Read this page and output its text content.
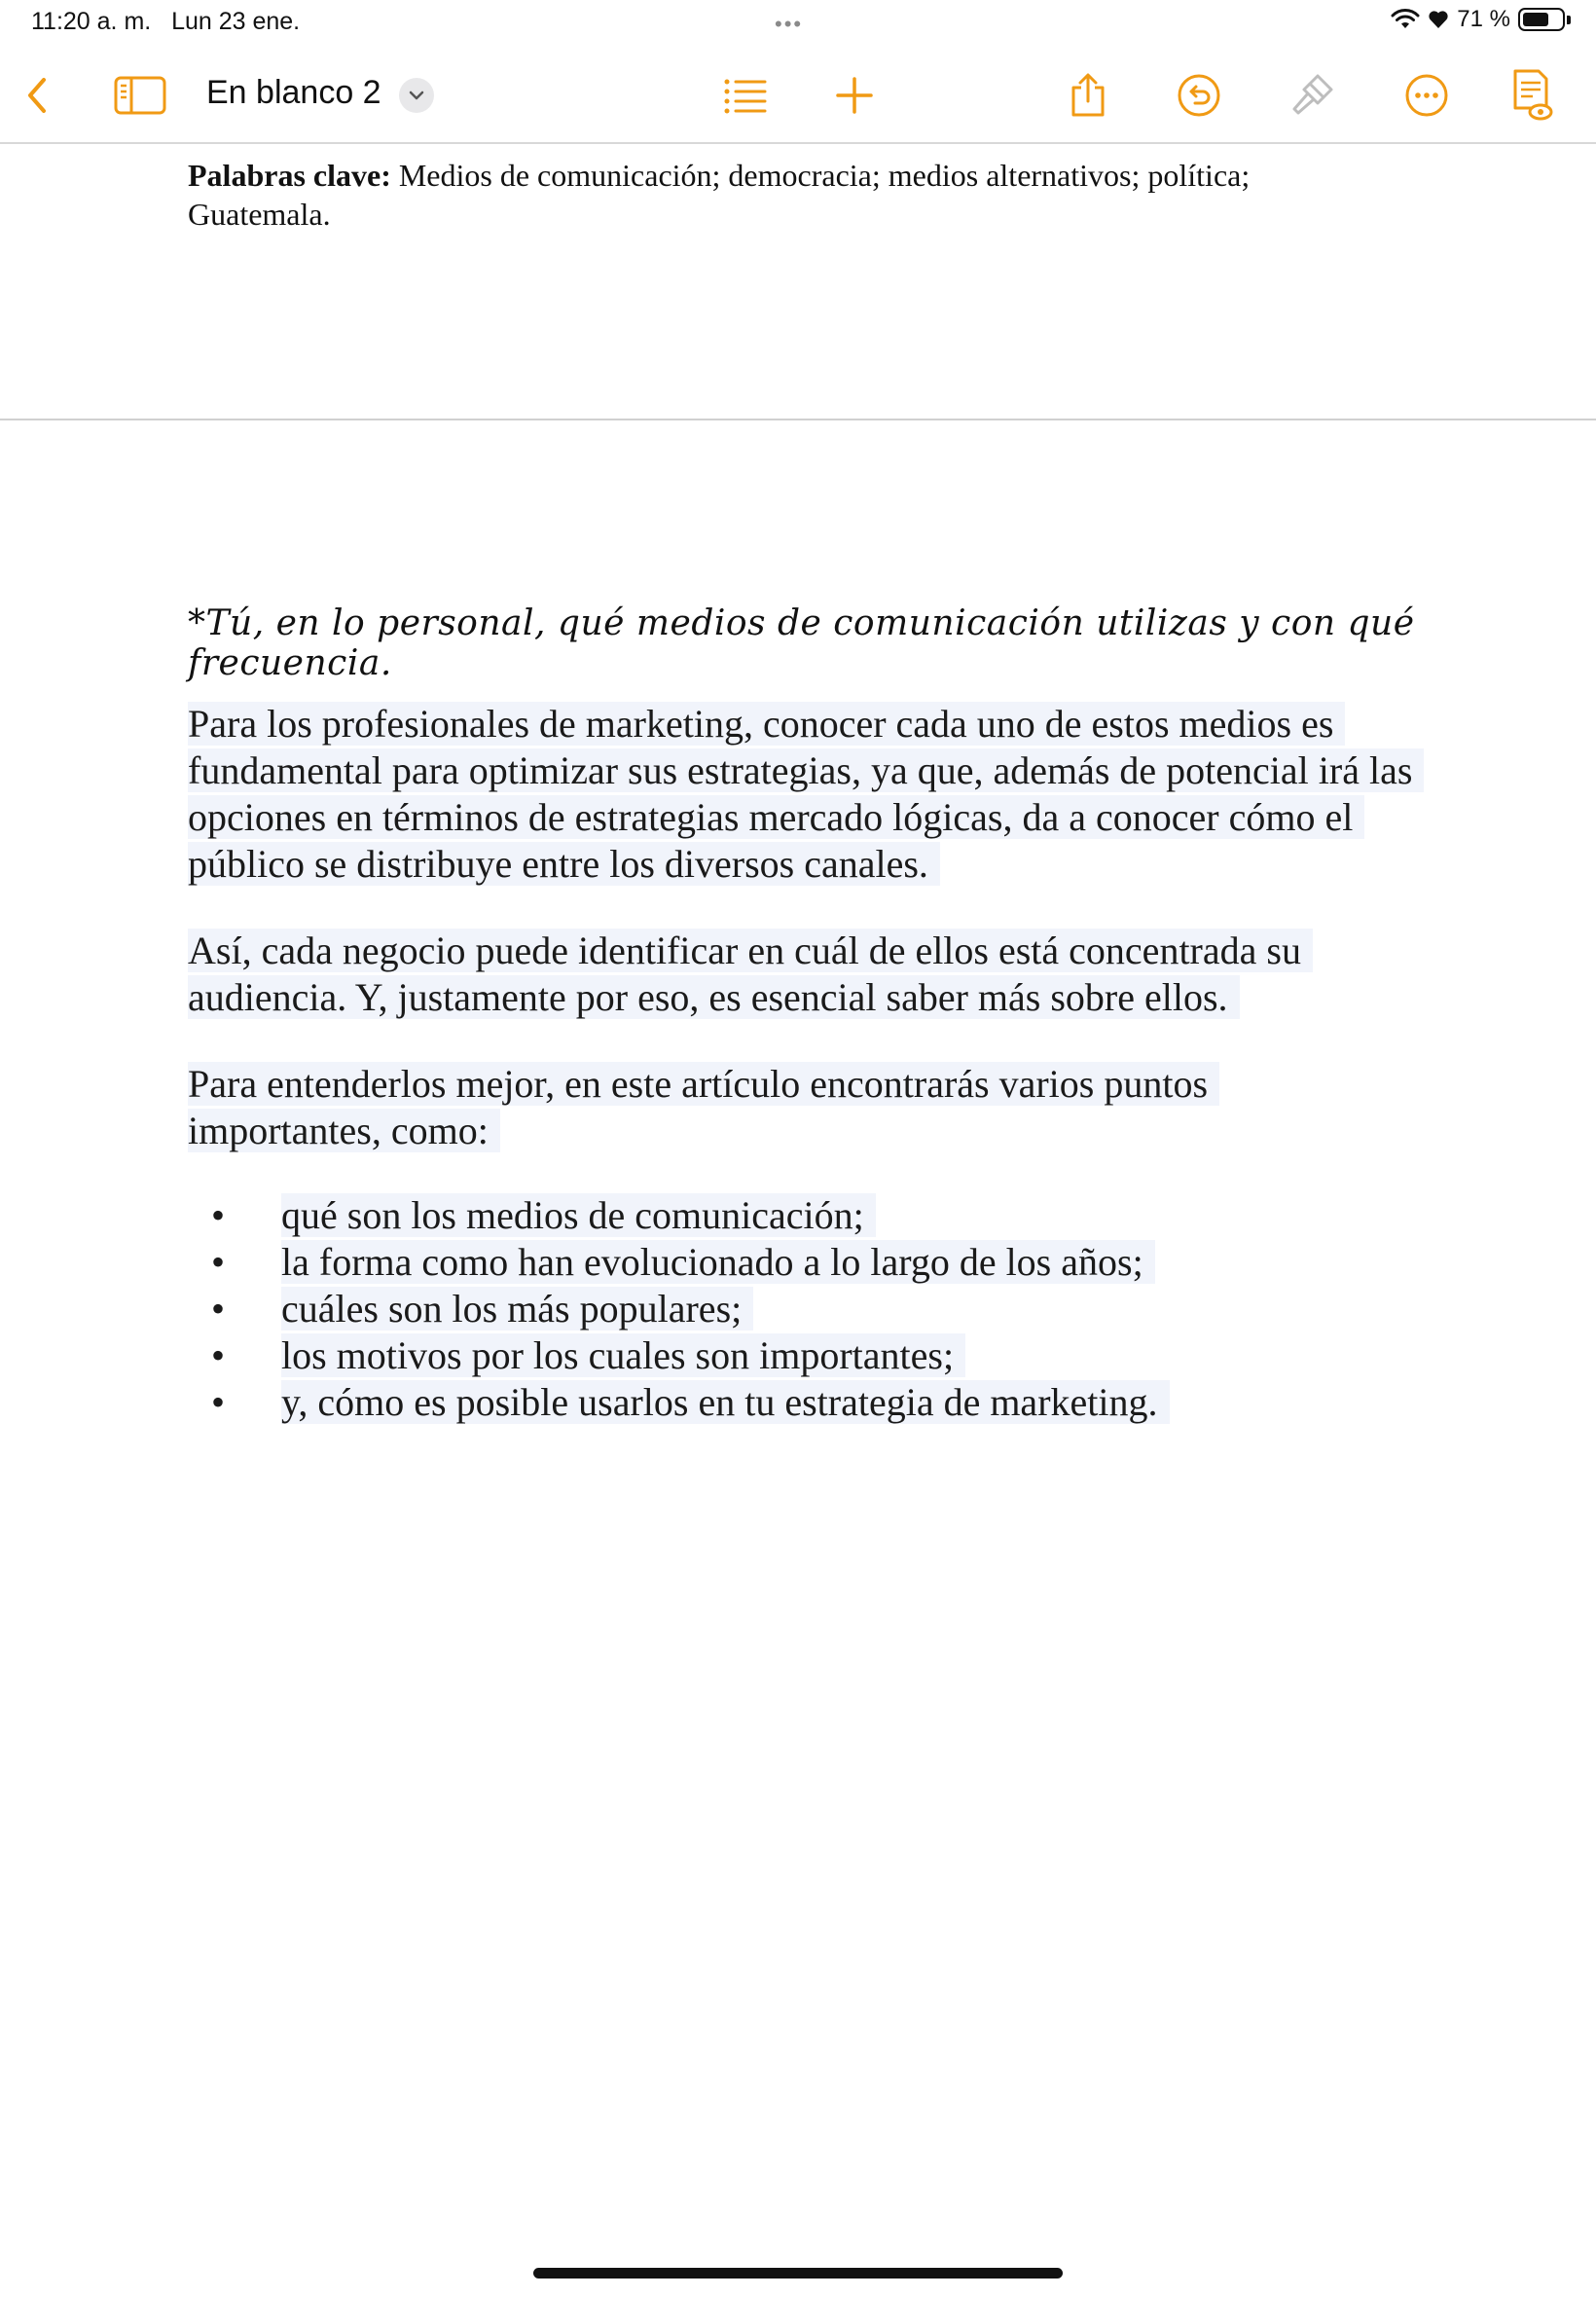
11:20 a. m. Lun 23 ene.	•••	71 %
En blanco 2
Palabras clave: Medios de comunicación; democracia; medios alternativos; política; Guatemala.
*Tú, en lo personal, qué medios de comunicación utilizas y con qué frecuencia.
Para los profesionales de marketing, conocer cada uno de estos medios es fundamental para optimizar sus estrategias, ya que, además de potencial irá las opciones en términos de estrategias mercado lógicas, da a conocer cómo el público se distribuye entre los diversos canales.
Así, cada negocio puede identificar en cuál de ellos está concentrada su audiencia. Y, justamente por eso, es esencial saber más sobre ellos.
Para entenderlos mejor, en este artículo encontrarás varios puntos importantes, como:
• qué son los medios de comunicación;
• la forma como han evolucionado a lo largo de los años;
• cuáles son los más populares;
• los motivos por los cuales son importantes;
• y, cómo es posible usarlos en tu estrategia de marketing.
